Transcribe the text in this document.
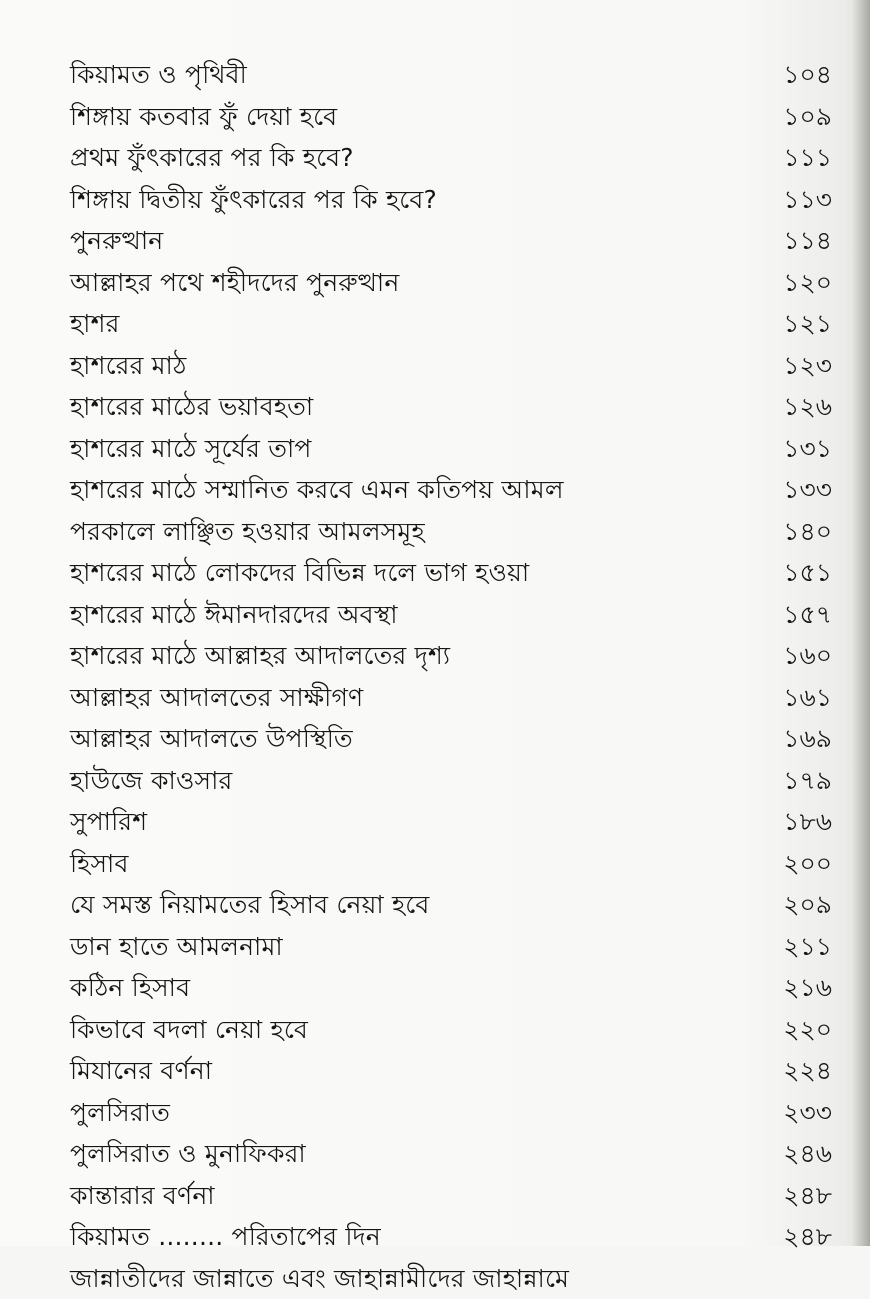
কিয়ামত ও পৃথিবী	১০৪
শিঙ্গায় কতবার ফুঁ দেয়া হবে	১০৯
প্রথম ফুঁৎকারের পর কি হবে?	১১১
শিঙ্গায় দ্বিতীয় ফুঁৎকারের পর কি হবে?	১১৩
পুনরুত্থান	১১৪
আল্লাহর পথে শহীদদের পুনরুত্থান	১২০
হাশর	১২১
হাশরের মাঠ	১২৩
হাশরের মাঠের ভয়াবহতা	১২৬
হাশরের মাঠে সূর্যের তাপ	১৩১
হাশরের মাঠে সম্মানিত করবে এমন কতিপয় আমল	১৩৩
পরকালে লাঞ্ছিত হওয়ার আমলসমূহ	১৪০
হাশরের মাঠে লোকদের বিভিন্ন দলে ভাগ হওয়া	১৫১
হাশরের মাঠে ঈমানদারদের অবস্থা	১৫৭
হাশরের মাঠে আল্লাহর আদালতের দৃশ্য	১৬০
আল্লাহর আদালতের সাক্ষীগণ	১৬১
আল্লাহর আদালতে উপস্থিতি	১৬৯
হাউজে কাওসার	১৭৯
সুপারিশ	১৮৬
হিসাব	২০০
যে সমস্ত নিয়ামতের হিসাব নেয়া হবে	২০৯
ডান হাতে আমলনামা	২১১
কঠিন হিসাব	২১৬
কিভাবে বদলা নেয়া হবে	২২০
মিযানের বর্ণনা	২২৪
পুলসিরাত	২৩৩
পুলসিরাত ও মুনাফিকরা	২৪৬
কান্তারার বর্ণনা	২৪৮
কিয়ামত ........ পরিতাপের দিন	২৪৮
জান্নাতীদের জান্নাতে এবং জাহান্নামীদের জাহান্নামে
